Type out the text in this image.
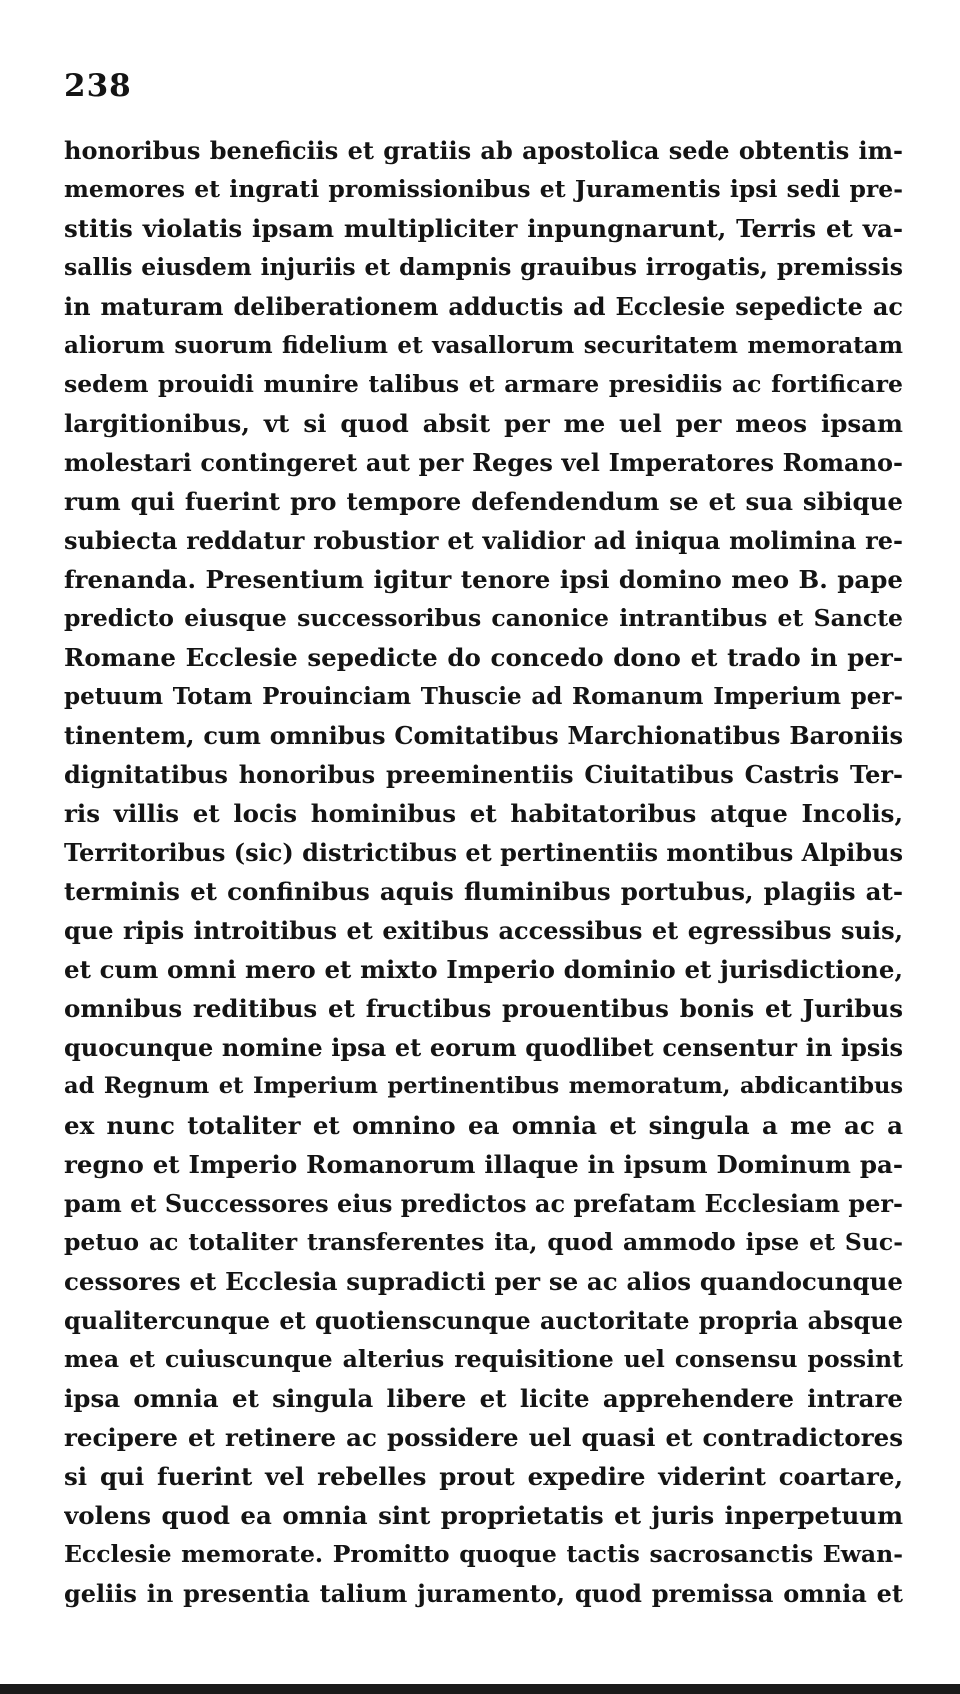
238
honoribus beneficiis et gratiis ab apostolica sede obtentis im-
memores et ingrati promissionibus et Juramentis ipsi sedi pre-
stitis violatis ipsam multipliciter inpungnarunt, Terris et va-
sallis eiusdem injuriis et dampnis grauibus irrogatis, premissis
in maturam deliberationem adductis ad Ecclesie sepedicte ac
aliorum suorum fidelium et vasallorum securitatem memoratam
sedem prouidi munire talibus et armare presidiis ac fortificare
largitionibus, vt si quod absit per me uel per meos ipsam
molestari contingeret aut per Reges vel Imperatores Romano-
rum qui fuerint pro tempore defendendum se et sua sibique
subiecta reddatur robustior et validior ad iniqua molimina re-
frenanda. Presentium igitur tenore ipsi domino meo B. pape
predicto eiusque successoribus canonice intrantibus et Sancte
Romane Ecclesie sepedicte do concedo dono et trado in per-
petuum Totam Prouinciam Thuscie ad Romanum Imperium per-
tinentem, cum omnibus Comitatibus Marchionatibus Baroniis
dignitatibus honoribus preeminentiis Ciuitatibus Castris Ter-
ris villis et locis hominibus et habitatoribus atque Incolis,
Territoribus (sic) districtibus et pertinentiis montibus Alpibus
terminis et confinibus aquis fluminibus portubus, plagiis at-
que ripis introitibus et exitibus accessibus et egressibus suis,
et cum omni mero et mixto Imperio dominio et jurisdictione,
omnibus reditibus et fructibus prouentibus bonis et Juribus
quocunque nomine ipsa et eorum quodlibet censentur in ipsis
ad Regnum et Imperium pertinentibus memoratum, abdicantibus
ex nunc totaliter et omnino ea omnia et singula a me ac a
regno et Imperio Romanorum illaque in ipsum Dominum pa-
pam et Successores eius predictos ac prefatam Ecclesiam per-
petuo ac totaliter transferentes ita, quod ammodo ipse et Suc-
cessores et Ecclesia supradicti per se ac alios quandocunque
qualitercunque et quotienscunque auctoritate propria absque
mea et cuiuscunque alterius requisitione uel consensu possint
ipsa omnia et singula libere et licite apprehendere intrare
recipere et retinere ac possidere uel quasi et contradictores
si qui fuerint vel rebelles prout expedire viderint coartare,
volens quod ea omnia sint proprietatis et juris inperpetuum
Ecclesie memorate. Promitto quoque tactis sacrosanctis Ewan-
geliis in presentia talium juramento, quod premissa omnia et
